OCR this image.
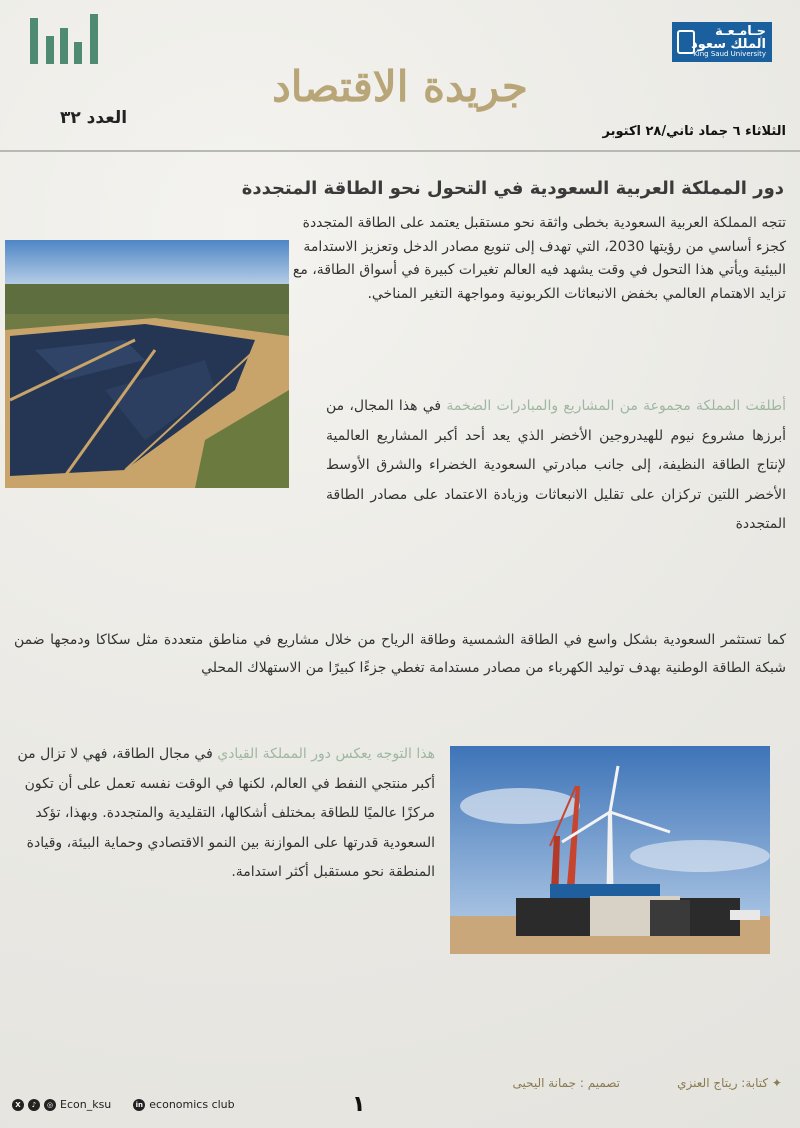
جـامـعـة
الملك سعود
King Saud University
جريدة الاقتصاد
العدد ٣٢
الثلاثاء ٦ جماد ثاني/٢٨ اكتوبر
دور المملكة العربية السعودية في التحول نحو الطاقة المتجددة
تتجه المملكة العربية السعودية بخطى واثقة نحو مستقبل يعتمد على الطاقة المتجددة كجزء أساسي من رؤيتها 2030، التي تهدف إلى تنويع مصادر الدخل وتعزيز الاستدامة البيئية ويأتي هذا التحول في وقت يشهد فيه العالم تغيرات كبيرة في أسواق الطاقة، مع تزايد الاهتمام العالمي بخفض الانبعاثات الكربونية ومواجهة التغير المناخي.
أطلقت المملكة مجموعة من المشاريع والمبادرات الضخمة في هذا المجال، من أبرزها مشروع نيوم للهيدروجين الأخضر الذي يعد أحد أكبر المشاريع العالمية لإنتاج الطاقة النظيفة، إلى جانب مبادرتي السعودية الخضراء والشرق الأوسط الأخضر اللتين تركزان على تقليل الانبعاثات وزيادة الاعتماد على مصادر الطاقة المتجددة
كما تستثمر السعودية بشكل واسع في الطاقة الشمسية وطاقة الرياح من خلال مشاريع في مناطق متعددة مثل سكاكا ودمجها ضمن شبكة الطاقة الوطنية بهدف توليد الكهرباء من مصادر مستدامة تغطي جزءًا كبيرًا من الاستهلاك المحلي
هذا التوجه يعكس دور المملكة القيادي في مجال الطاقة، فهي لا تزال من أكبر منتجي النفط في العالم، لكنها في الوقت نفسه تعمل على أن تكون مركزًا عالميًا للطاقة بمختلف أشكالها، التقليدية والمتجددة. وبهذا، تؤكد السعودية قدرتها على الموازنة بين النمو الاقتصادي وحماية البيئة، وقيادة المنطقة نحو مستقبل أكثر استدامة.
✦ كتابة: ريتاج العنزي
تصميم : جمانة اليحيى
١
X	♪	◎ Econ_ksu	in economics club
